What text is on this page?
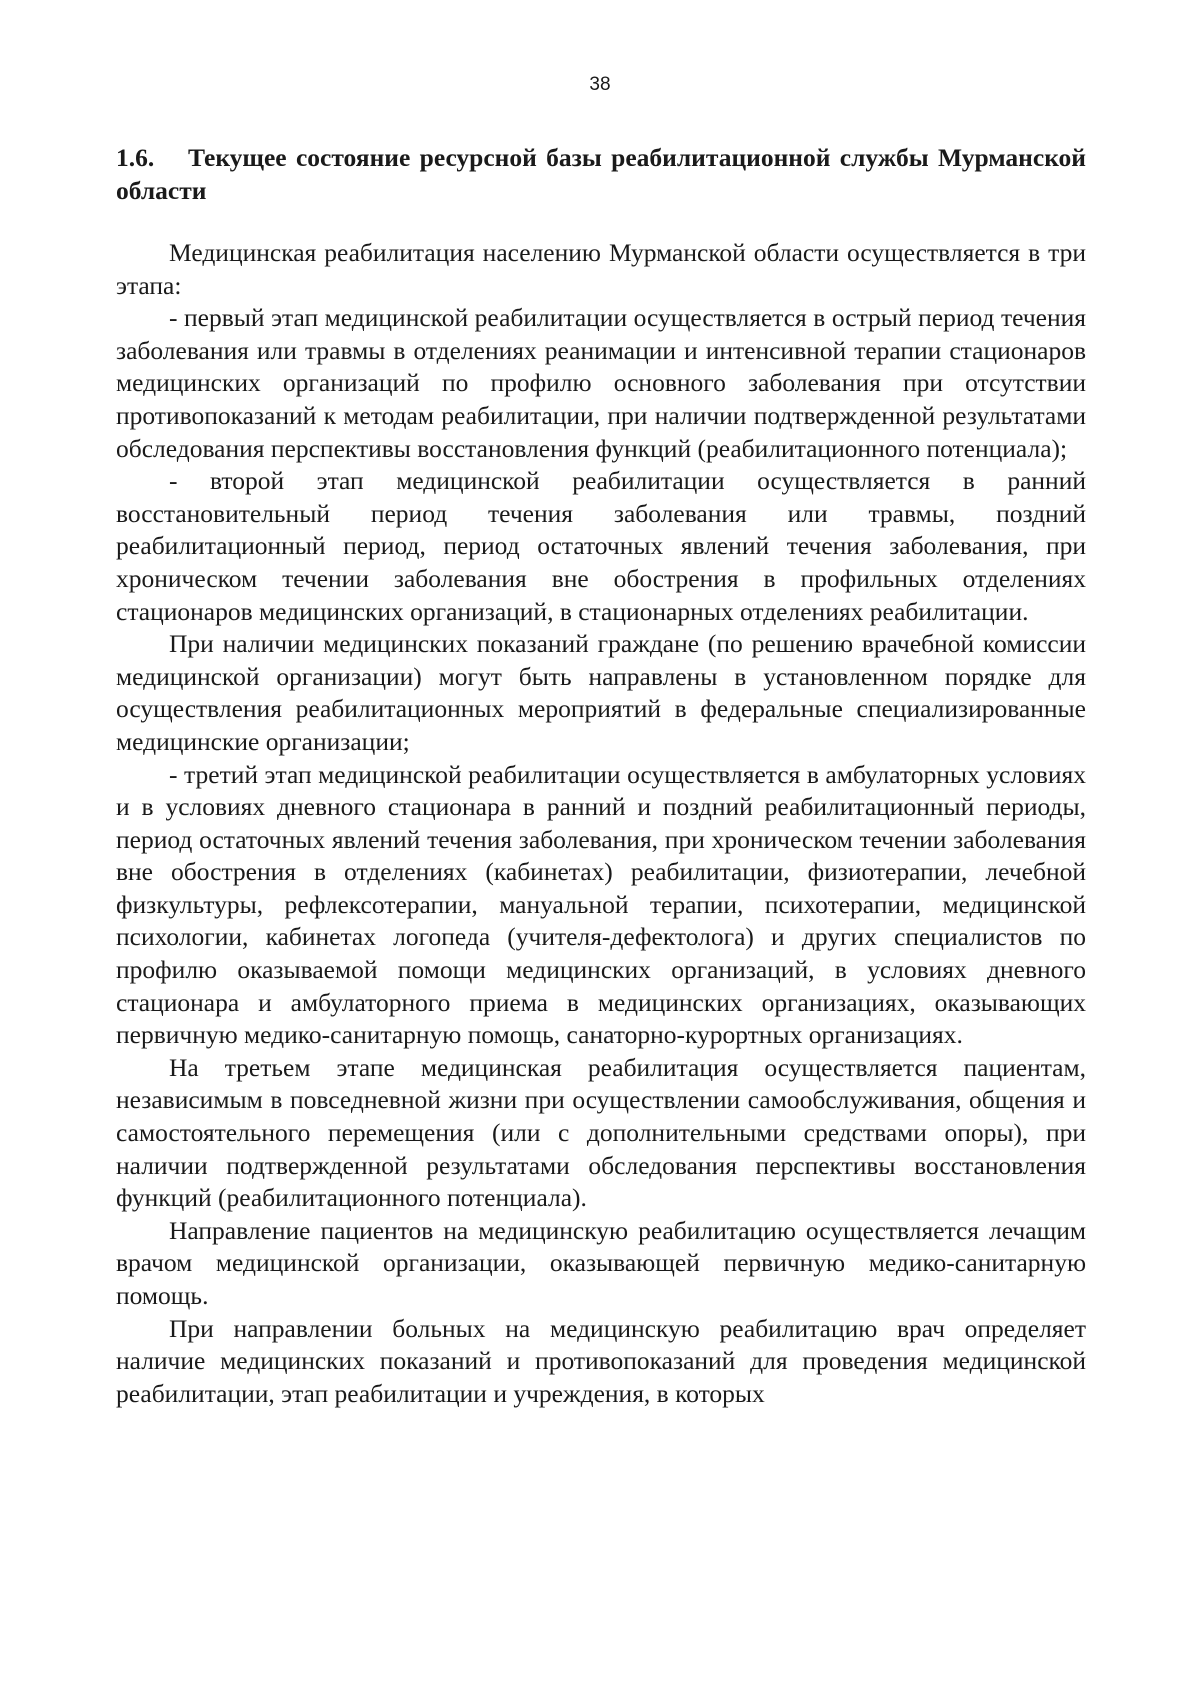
38
1.6. Текущее состояние ресурсной базы реабилитационной службы Мурманской области

Медицинская реабилитация населению Мурманской области осуществляется в три этапа:

- первый этап медицинской реабилитации осуществляется в острый период течения заболевания или травмы в отделениях реанимации и интенсивной терапии стационаров медицинских организаций по профилю основного заболевания при отсутствии противопоказаний к методам реабилитации, при наличии подтвержденной результатами обследования перспективы восстановления функций (реабилитационного потенциала);

- второй этап медицинской реабилитации осуществляется в ранний восстановительный период течения заболевания или травмы, поздний реабилитационный период, период остаточных явлений течения заболевания, при хроническом течении заболевания вне обострения в профильных отделениях стационаров медицинских организаций, в стационарных отделениях реабилитации.

При наличии медицинских показаний граждане (по решению врачебной комиссии медицинской организации) могут быть направлены в установленном порядке для осуществления реабилитационных мероприятий в федеральные специализированные медицинские организации;

- третий этап медицинской реабилитации осуществляется в амбулаторных условиях и в условиях дневного стационара в ранний и поздний реабилитационный периоды, период остаточных явлений течения заболевания, при хроническом течении заболевания вне обострения в отделениях (кабинетах) реабилитации, физиотерапии, лечебной физкультуры, рефлексотерапии, мануальной терапии, психотерапии, медицинской психологии, кабинетах логопеда (учителя-дефектолога) и других специалистов по профилю оказываемой помощи медицинских организаций, в условиях дневного стационара и амбулаторного приема в медицинских организациях, оказывающих первичную медико-санитарную помощь, санаторно-курортных организациях.

На третьем этапе медицинская реабилитация осуществляется пациентам, независимым в повседневной жизни при осуществлении самообслуживания, общения и самостоятельного перемещения (или с дополнительными средствами опоры), при наличии подтвержденной результатами обследования перспективы восстановления функций (реабилитационного потенциала).

Направление пациентов на медицинскую реабилитацию осуществляется лечащим врачом медицинской организации, оказывающей первичную медико-санитарную помощь.

При направлении больных на медицинскую реабилитацию врач определяет наличие медицинских показаний и противопоказаний для проведения медицинской реабилитации, этап реабилитации и учреждения, в которых
